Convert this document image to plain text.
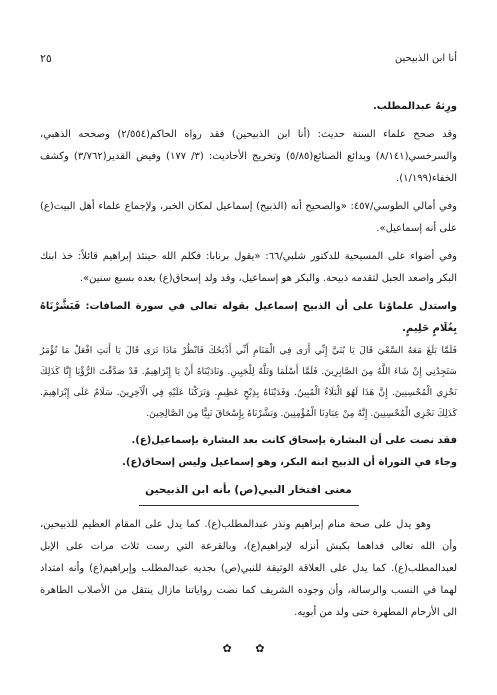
أنا ابن الذبيحين
٢٥

ورِثهُ عبدالمطلب.

وقد صحح علماء السنة حديث: (أنا ابن الذبيحين) فقد رواه الحاكم(٢/٥٥٤) وصححه الذهبي، والسرخسي(٨/١٤١) وبدائع الصنائع(٥/٨٥) وتخريج الأحاديث: (٣/ ١٧٧) وفيض القدير(٣/٧٦٢) وكشف الخفاء(١/١٩٩).

وفي أمالي الطوسي/٤٥٧: «والصحيح أنه (الذبيح) إسماعيل لمكان الخبر، ولإجماع علماء أهل البيت(ع) على أنه إسماعيل».

وفي أضواء على المسيحية للدكتور شلبي/٦٦: «يقول برنابا: فكلم الله حينئذ إبراهيم قائلاً: خذ ابنك البكر واصعد الجبل لتقدمه ذبيحة. والبكر هو إسماعيل، وقد ولد إسحاق(ع) بعده بسبع سنين».

واستدل علماؤنا على أن الذبيح إسماعيل بقوله تعالى في سورة الصافات: فَبَشَّرْنَاهُ بِغُلَامٍ حَلِيمٍ.

فَلَمَّا بَلَغَ مَعَهُ السَّعْيَ قَالَ يَا بُنَيَّ إِنِّي أَرَى فِي الْمَنَامِ أَنِّي أَذْبَحُكَ فَانْظُرْ مَاذَا تَرَى قَالَ يَا أَبَتِ افْعَلْ مَا تُؤْمَرُ سَتَجِدُنِي إِنْ شَاءَ اللَّهُ مِنَ الصَّابِرِينَ. فَلَمَّا أَسْلَمَا وَتَلَّهُ لِلْجَبِينِ. وَنَادَيْنَاهُ أَنْ يَا إِبْرَاهِيمُ. قَدْ صَدَّقْتَ الرُّؤْيَا إِنَّا كَذَلِكَ نَجْزِي الْمُحْسِنِينَ. إِنَّ هَذَا لَهُوَ الْبَلَاءُ الْمُبِينُ. وَفَدَيْنَاهُ بِذِبْحٍ عَظِيمٍ. وَتَرَكْنَا عَلَيْهِ فِي الْآخِرِينَ. سَلَامٌ عَلَى إِبْرَاهِيمَ. كَذَلِكَ نَجْزِي الْمُحْسِنِينَ. إِنَّهُ مِنْ عِبَادِنَا الْمُؤْمِنِينَ. وَبَشَّرْنَاهُ بِإِسْحَاقَ نَبِيًّا مِنَ الصَّالِحِينَ.

فقد نصت على أن البشارة بإسحاق كانت بعد البشارة بإسماعيل(ع).

وجاء في التوراة أن الذبيح ابنه البكر، وهو إسماعيل وليس إسحاق(ع).

معنى افتخار النبي(ص) بأنه ابن الذبيحين

وهو يدل على صحة منام إبراهيم ونذر عبدالمطلب(ع). كما يدل على المقام العظيم للذبيحين، وأن الله تعالى فداهما بكبش أنزله لإبراهيم(ع)، وبالقرعة التي رست ثلاث مرات على الإبل لعبدالمطلب(ع). كما يدل على العلاقة الوثيقة للنبي(ص) بجديه عبدالمطلب وإبراهيم(ع) وأنه امتداد لهما في النسب والرسالة، وأن وجوده الشريف كما نصت رواياتنا مازال ينتقل من الأصلاب الطاهرة الى الأرحام المطهرة حتى ولد من أبويه.

✿ ✿
